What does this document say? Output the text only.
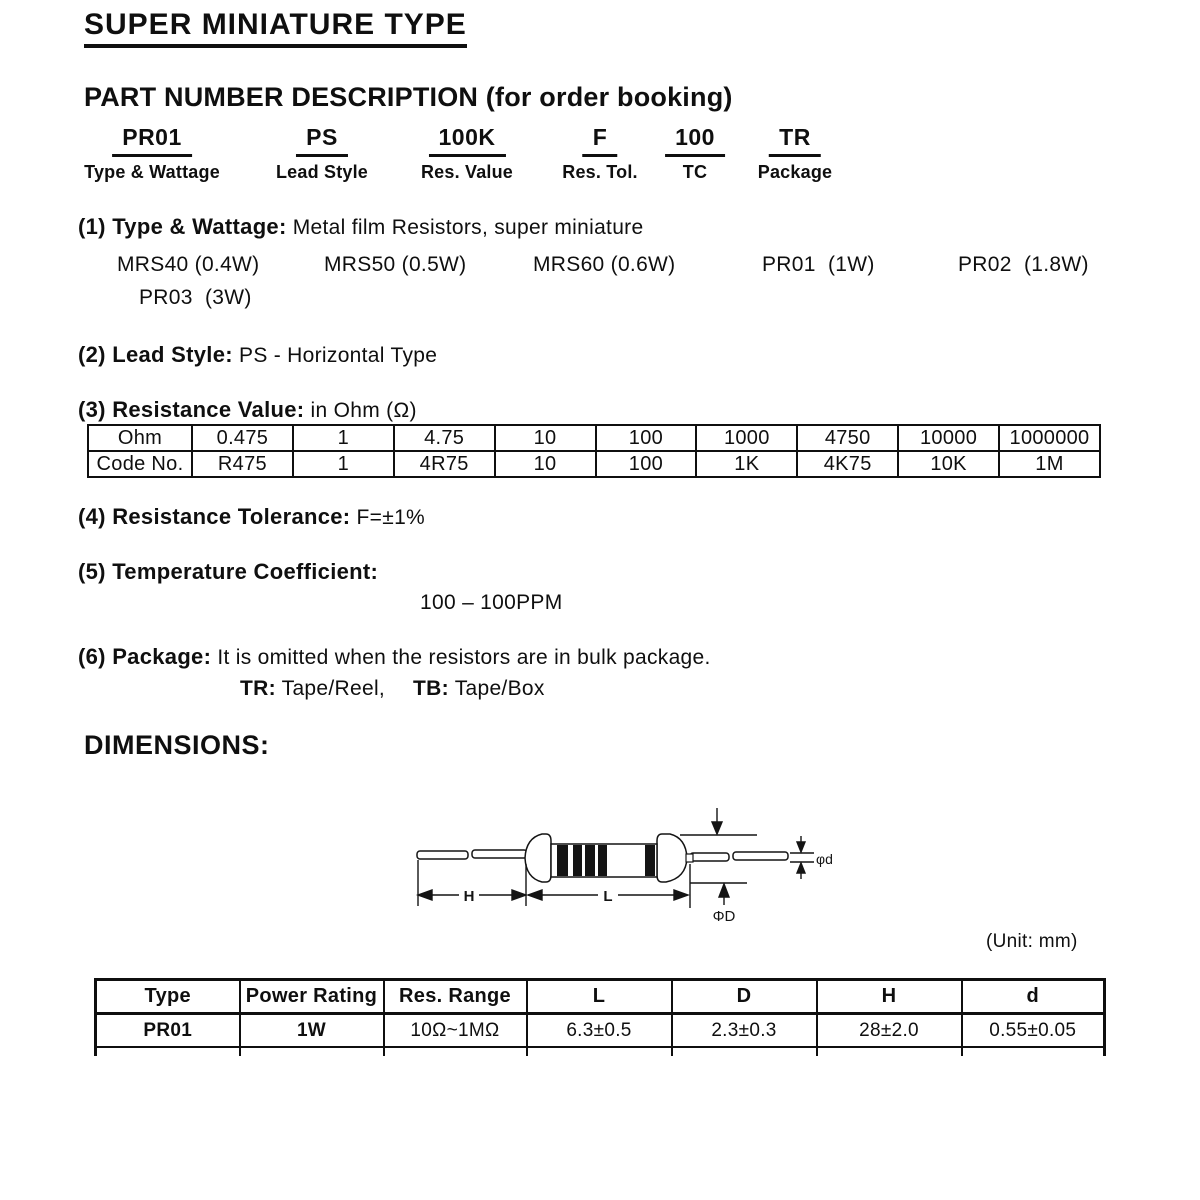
SUPER MINIATURE TYPE
PART NUMBER DESCRIPTION (for order booking)
PR01
Type & Wattage
PS
Lead Style
100K
Res. Value
F
Res. Tol.
100
TC
TR
Package
(1) Type & Wattage: Metal film Resistors, super miniature
MRS40 (0.4W)	MRS50 (0.5W)	MRS60 (0.6W)	PR01  (1W)	PR02  (1.8W)
PR03  (3W)
(2) Lead Style: PS - Horizontal Type
(3) Resistance Value: in Ohm (Ω)
Ohm	0.475	1	4.75	10	100	1000	4750	10000	1000000
Code No.	R475	1	4R75	10	100	1K	4K75	10K	1M
(4) Resistance Tolerance: F=±1%
(5) Temperature Coefficient:
100 – 100PPM
(6) Package: It is omitted when the resistors are in bulk package.
TR: Tape/Reel, TB: Tape/Box
DIMENSIONS:
H	L
ΦD
φd
(Unit: mm)
Type	Power Rating	Res. Range	L	D	H	d
PR01	1W	10Ω~1MΩ	6.3±0.5	2.3±0.3	28±2.0	0.55±0.05
